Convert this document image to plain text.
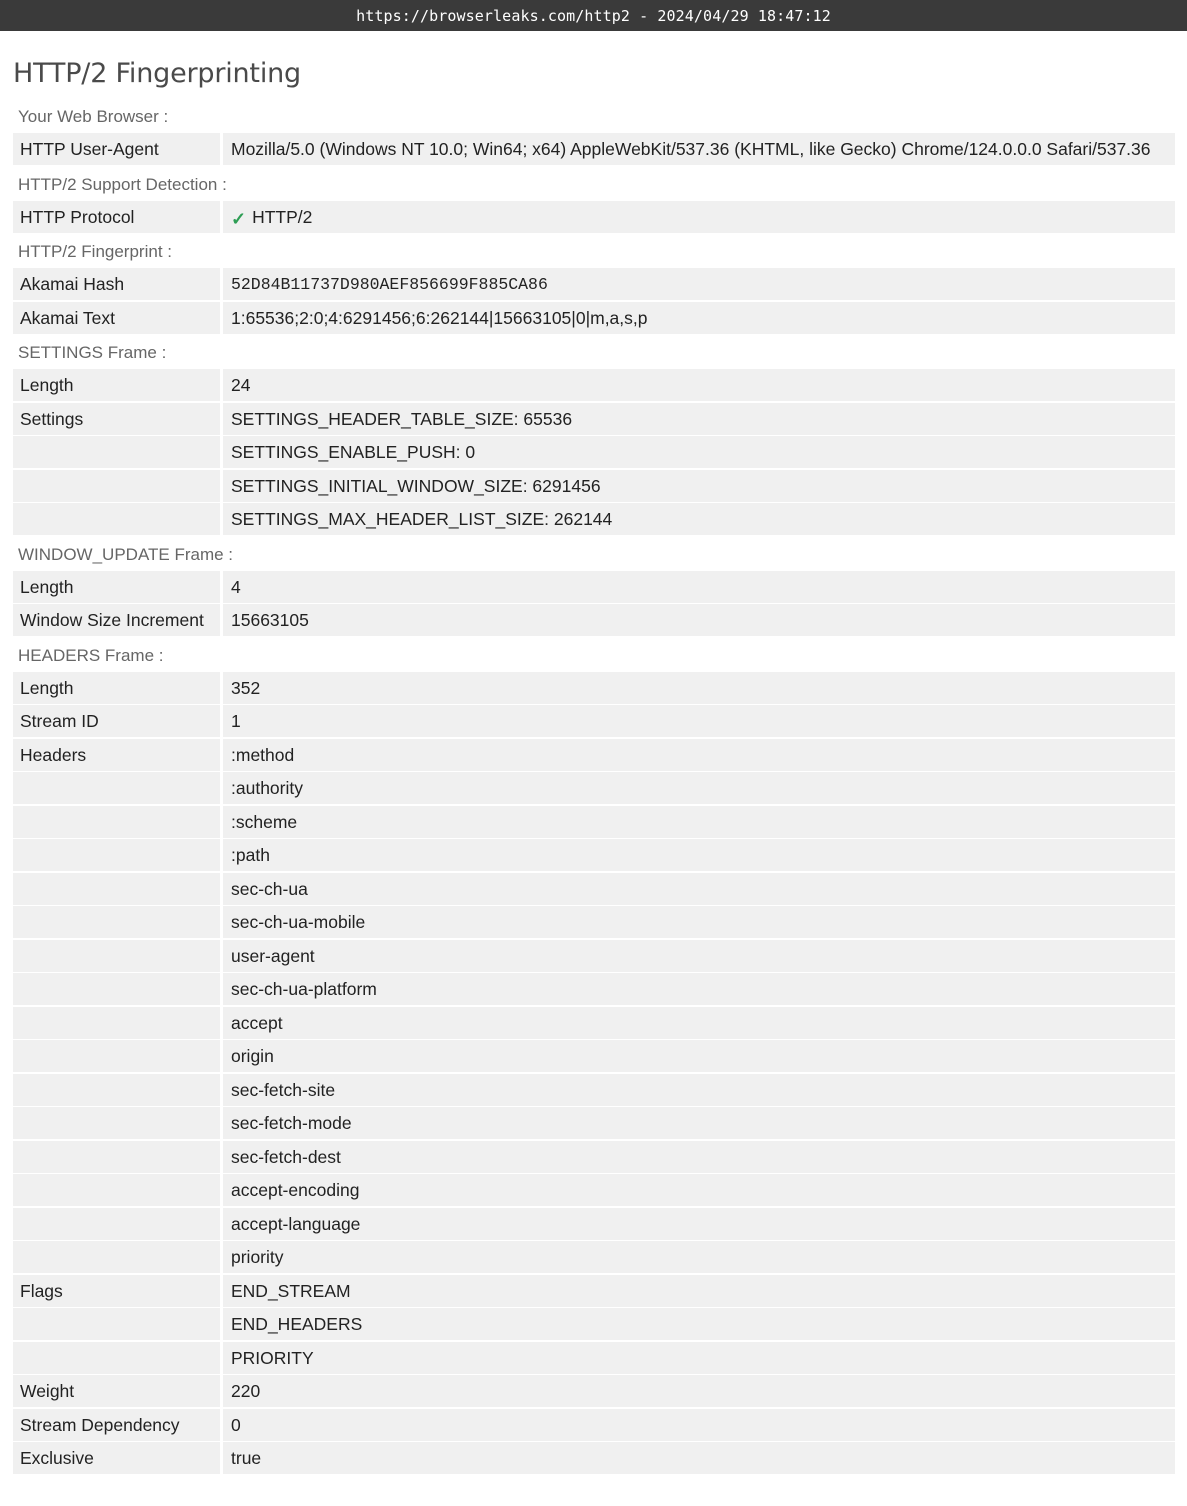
https://browserleaks.com/http2 - 2024/04/29 18:47:12
HTTP/2 Fingerprinting
Your Web Browser :
HTTP User-Agent	Mozilla/5.0 (Windows NT 10.0; Win64; x64) AppleWebKit/537.36 (KHTML, like Gecko) Chrome/124.0.0.0 Safari/537.36
HTTP/2 Support Detection :
HTTP Protocol	✓ HTTP/2
HTTP/2 Fingerprint :
Akamai Hash	52D84B11737D980AEF856699F885CA86
Akamai Text	1:65536;2:0;4:6291456;6:262144|15663105|0|m,a,s,p
SETTINGS Frame :
Length	24
Settings	SETTINGS_HEADER_TABLE_SIZE: 65536
SETTINGS_ENABLE_PUSH: 0
SETTINGS_INITIAL_WINDOW_SIZE: 6291456
SETTINGS_MAX_HEADER_LIST_SIZE: 262144
WINDOW_UPDATE Frame :
Length	4
Window Size Increment	15663105
HEADERS Frame :
Length	352
Stream ID	1
Headers	:method
:authority
:scheme
:path
sec-ch-ua
sec-ch-ua-mobile
user-agent
sec-ch-ua-platform
accept
origin
sec-fetch-site
sec-fetch-mode
sec-fetch-dest
accept-encoding
accept-language
priority
Flags	END_STREAM
END_HEADERS
PRIORITY
Weight	220
Stream Dependency	0
Exclusive	true
